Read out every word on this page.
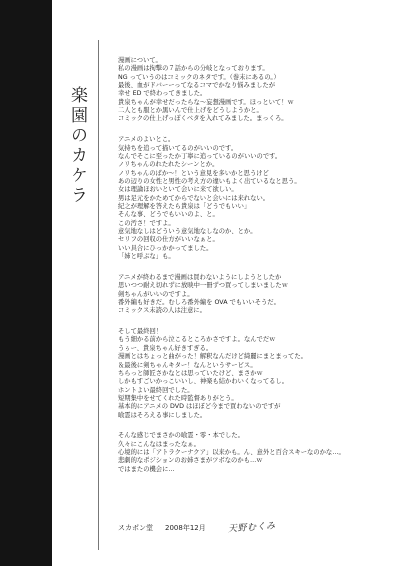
楽園のカケラ
漫画について。
私の漫画は拘撃の７話からの分岐となっております。
NG っていうのはコミックのネタです。（巻末にあるの。）
最後、血がドバーーってなるコマでかなり悩みましたが
幸せ ED で終わってきました。
貴泉ちゃんが幸せだったらな～妄想漫画です。ほっといて！ｗ
二人とも服とか黒いんで仕上げをどうしようかと。
コミックの仕上げっぽくベタを入れてみました。まっくろ。
アニメのよいとこ。
気持ちを追って描いてるのがいいのです。
なんでそこに至ったか丁寧に追っているのがいいのです。
ノリちゃんのれたれたシーンとか。
ノリちゃんのばか～！という意見を多いかと思うけど
あの辺りの女性と男性の考え方の違いもよく出ているなと思う。
女は理論ほおいといて会いに来て欲しい。
男は足元をかためてからでないと会いには来れない。
紀之が理解を答えたら貴泉は「どうでもいい」
そんな事、どうでもいいのよ、と。
この汚さ！ですよ。
意気地なしはどういう意気地なしなのか、とか。
セリフの回収の仕方がいいなぁと。
いい具合にひっかかってました。
「姉と呼ぶな」も。
アニメが終わるまで漫画は買わないようにしようとしたか
思いつつ耐え切れずに放映中一冊ずつ買ってしまいましたｗ
剣ちゃんがいいのですよ。
番外編も好きだ。むしろ番外編を OVA でもいいそうだ。
コミックス未読の人は注意に。
そして最終回！
もう細かる前から泣こるところかさですよ。なんでだｗ
うぅー、貴泉ちゃん好きすぎる。
漫画とはちょっと曲がった！解釈なんだけど綺麗にまとまってた。
＆最後に剣ちゃんキター！なんというサービス。
ちらっと師匠さかなとは思っていたけど、まさかｗ
しかもすごいかっこいいし、神楽も結かわいくなってるし。
ホントよい最終回でした。
短期集中をせてくれた時監督ありがとう。
基本的にアニメの DVD はほぼど今まで買わないのですが
喰霊はそろえる事にしました。
そんな感じでまさかの喰霊・零・本でした。
久々にこんなはまったなぁ。
心境的には「アトラクーナクア」以来かも。ん、意外と百合スキーなのかな…。
悲劇的なポジションのお姉さまがツボなのかも…ｗ
ではまたの機会に…
スカポン堂 2008年12月 天野むくみ
